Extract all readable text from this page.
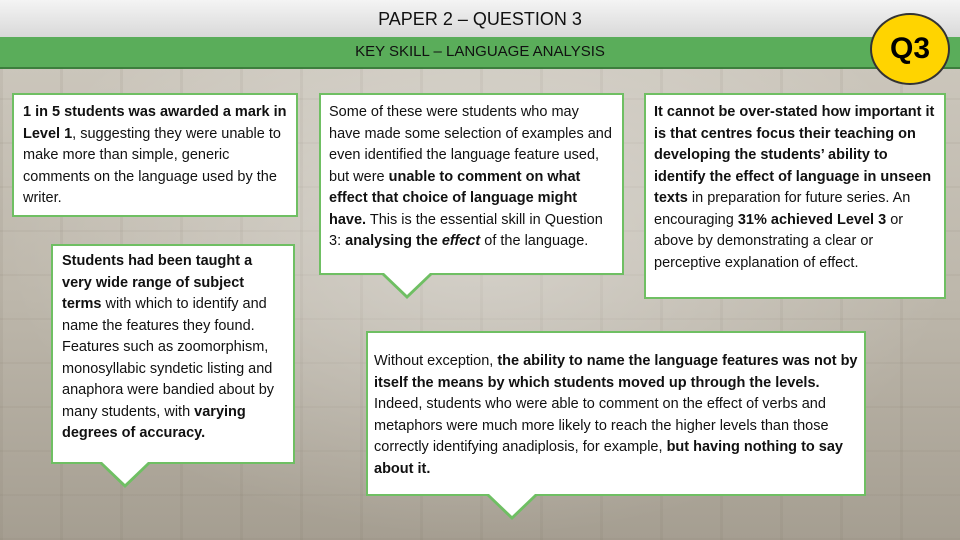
PAPER 2 – QUESTION 3
KEY SKILL – LANGUAGE ANALYSIS	Q3
1 in 5 students was awarded a mark in Level 1, suggesting they were unable to make more than simple, generic comments on the language used by the writer.
Students had been taught a very wide range of subject terms with which to identify and name the features they found. Features such as zoomorphism, monosyllabic syndetic listing and anaphora were bandied about by many students, with varying degrees of accuracy.
Some of these were students who may have made some selection of examples and even identified the language feature used, but were unable to comment on what effect that choice of language might have. This is the essential skill in Question 3: analysing the effect of the language.
It cannot be over-stated how important it is that centres focus their teaching on developing the students’ ability to identify the effect of language in unseen texts in preparation for future series. An encouraging 31% achieved Level 3 or above by demonstrating a clear or perceptive explanation of effect.
Without exception, the ability to name the language features was not by itself the means by which students moved up through the levels. Indeed, students who were able to comment on the effect of verbs and metaphors were much more likely to reach the higher levels than those correctly identifying anadiplosis, for example, but having nothing to say about it.
